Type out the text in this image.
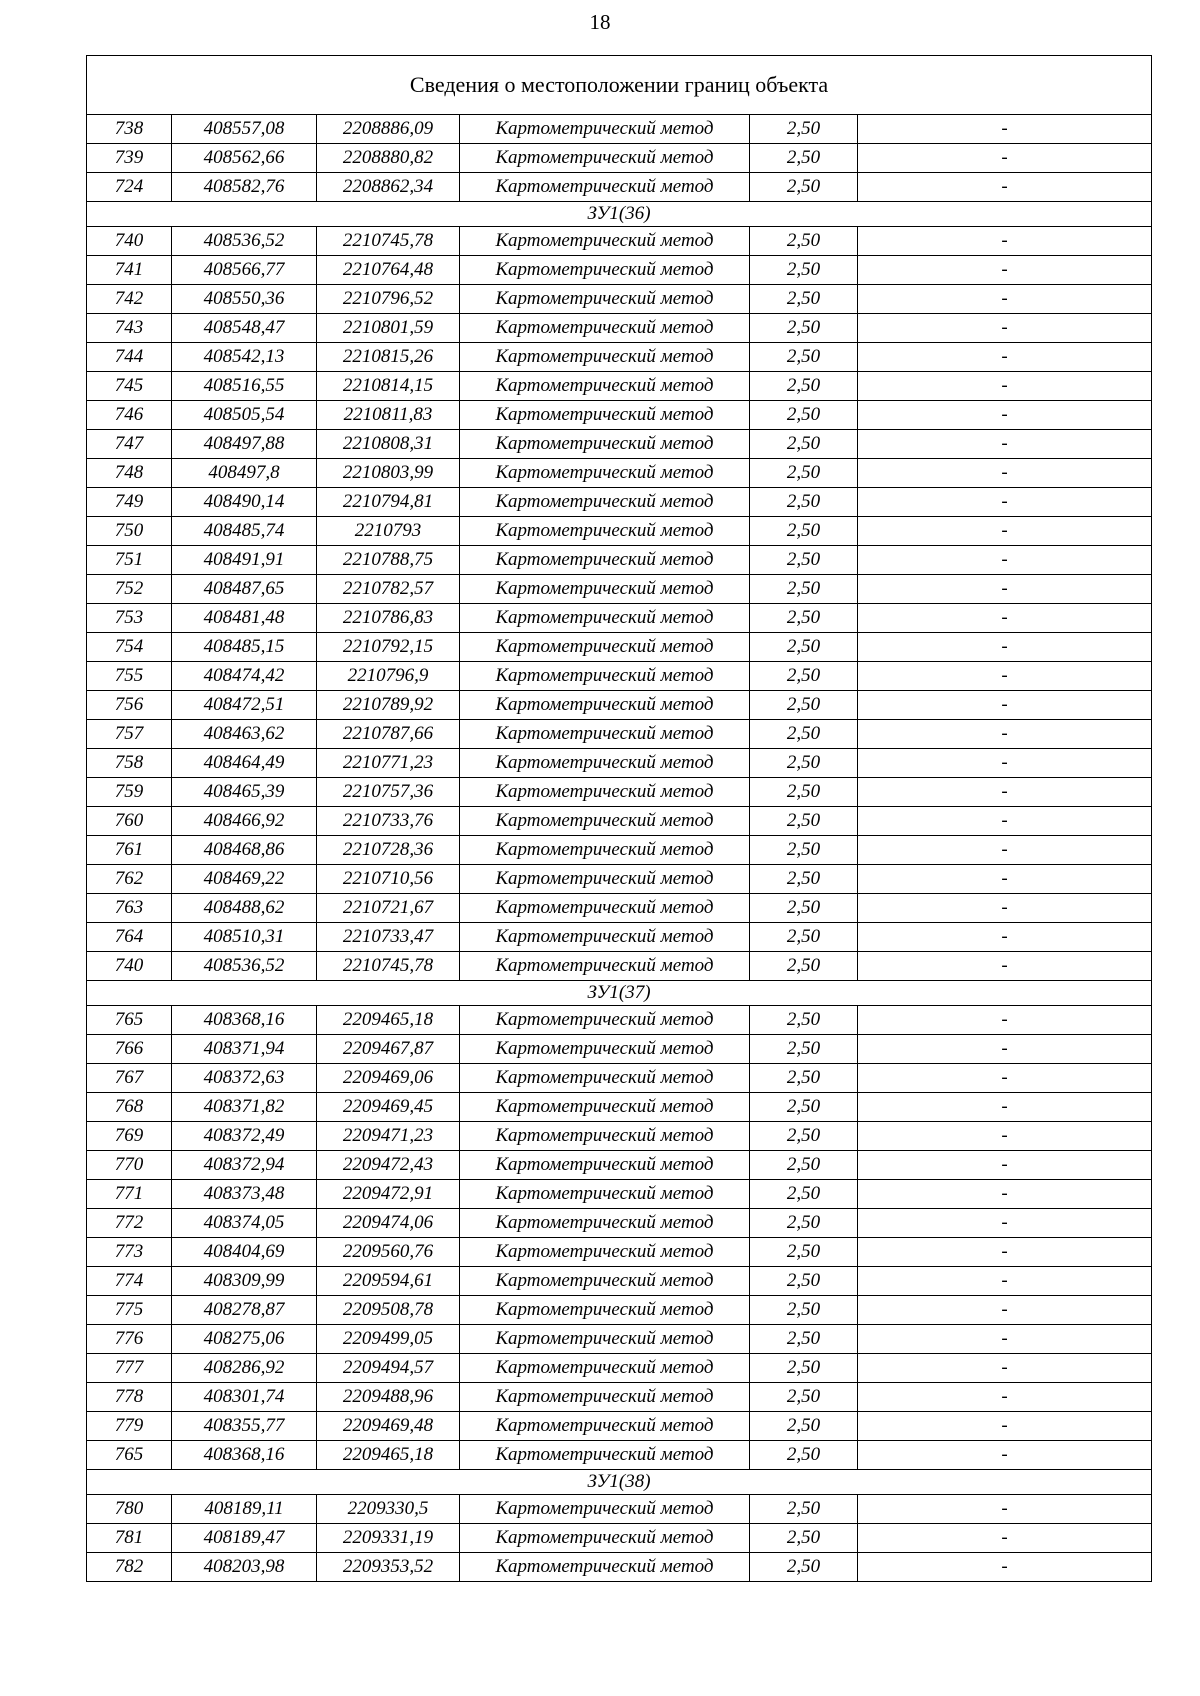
18
Сведения о местоположении границ объекта					
738	408557,08	2208886,09	Картометрический метод	2,50	-
739	408562,66	2208880,82	Картометрический метод	2,50	-
724	408582,76	2208862,34	Картометрический метод	2,50	-
ЗУ1(36)					
740	408536,52	2210745,78	Картометрический метод	2,50	-
741	408566,77	2210764,48	Картометрический метод	2,50	-
742	408550,36	2210796,52	Картометрический метод	2,50	-
743	408548,47	2210801,59	Картометрический метод	2,50	-
744	408542,13	2210815,26	Картометрический метод	2,50	-
745	408516,55	2210814,15	Картометрический метод	2,50	-
746	408505,54	2210811,83	Картометрический метод	2,50	-
747	408497,88	2210808,31	Картометрический метод	2,50	-
748	408497,8	2210803,99	Картометрический метод	2,50	-
749	408490,14	2210794,81	Картометрический метод	2,50	-
750	408485,74	2210793	Картометрический метод	2,50	-
751	408491,91	2210788,75	Картометрический метод	2,50	-
752	408487,65	2210782,57	Картометрический метод	2,50	-
753	408481,48	2210786,83	Картометрический метод	2,50	-
754	408485,15	2210792,15	Картометрический метод	2,50	-
755	408474,42	2210796,9	Картометрический метод	2,50	-
756	408472,51	2210789,92	Картометрический метод	2,50	-
757	408463,62	2210787,66	Картометрический метод	2,50	-
758	408464,49	2210771,23	Картометрический метод	2,50	-
759	408465,39	2210757,36	Картометрический метод	2,50	-
760	408466,92	2210733,76	Картометрический метод	2,50	-
761	408468,86	2210728,36	Картометрический метод	2,50	-
762	408469,22	2210710,56	Картометрический метод	2,50	-
763	408488,62	2210721,67	Картометрический метод	2,50	-
764	408510,31	2210733,47	Картометрический метод	2,50	-
740	408536,52	2210745,78	Картометрический метод	2,50	-
ЗУ1(37)					
765	408368,16	2209465,18	Картометрический метод	2,50	-
766	408371,94	2209467,87	Картометрический метод	2,50	-
767	408372,63	2209469,06	Картометрический метод	2,50	-
768	408371,82	2209469,45	Картометрический метод	2,50	-
769	408372,49	2209471,23	Картометрический метод	2,50	-
770	408372,94	2209472,43	Картометрический метод	2,50	-
771	408373,48	2209472,91	Картометрический метод	2,50	-
772	408374,05	2209474,06	Картометрический метод	2,50	-
773	408404,69	2209560,76	Картометрический метод	2,50	-
774	408309,99	2209594,61	Картометрический метод	2,50	-
775	408278,87	2209508,78	Картометрический метод	2,50	-
776	408275,06	2209499,05	Картометрический метод	2,50	-
777	408286,92	2209494,57	Картометрический метод	2,50	-
778	408301,74	2209488,96	Картометрический метод	2,50	-
779	408355,77	2209469,48	Картометрический метод	2,50	-
765	408368,16	2209465,18	Картометрический метод	2,50	-
ЗУ1(38)					
780	408189,11	2209330,5	Картометрический метод	2,50	-
781	408189,47	2209331,19	Картометрический метод	2,50	-
782	408203,98	2209353,52	Картометрический метод	2,50	-
